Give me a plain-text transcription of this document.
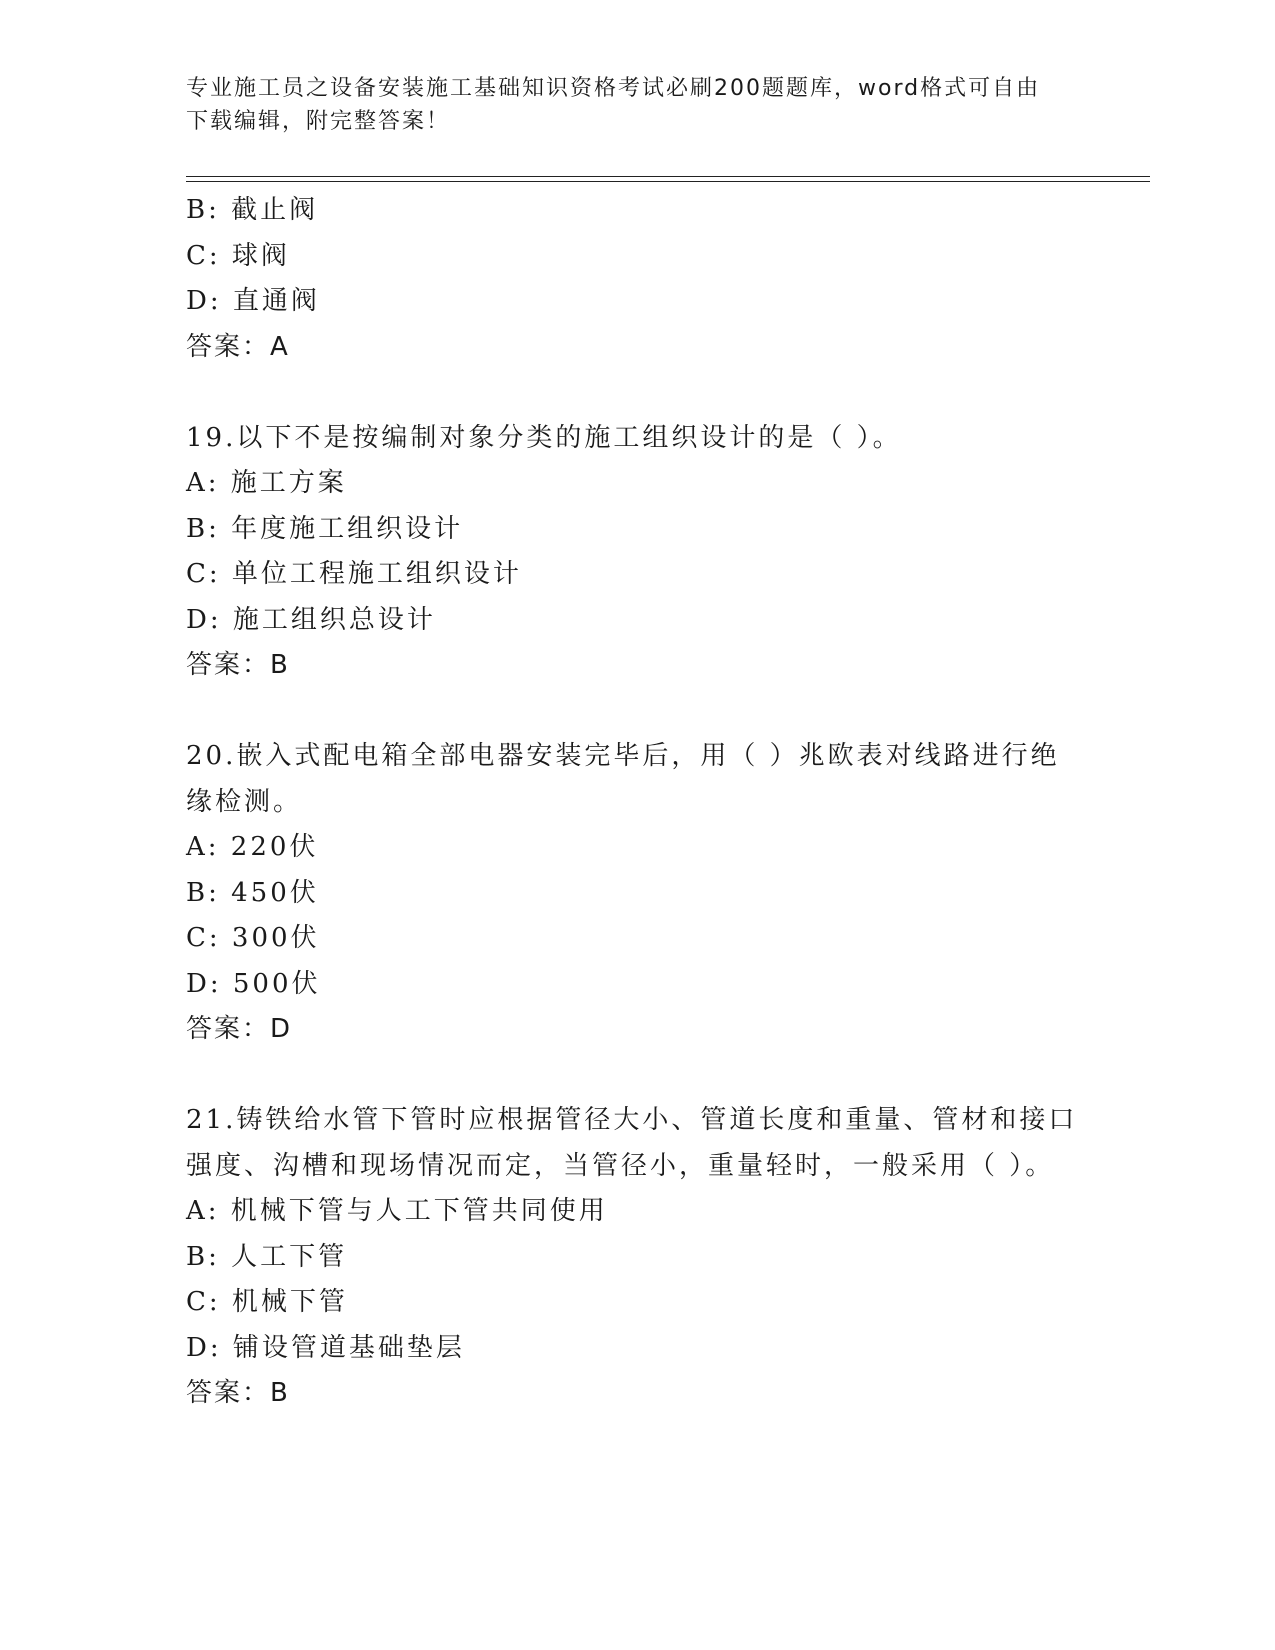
专业施工员之设备安装施工基础知识资格考试必刷200题题库，word格式可自由
下载编辑，附完整答案！
B: 截止阀
C: 球阀
D: 直通阀
答案：A
19.以下不是按编制对象分类的施工组织设计的是（ ）。
A: 施工方案
B: 年度施工组织设计
C: 单位工程施工组织设计
D: 施工组织总设计
答案：B
20.嵌入式配电箱全部电器安装完毕后，用（ ）兆欧表对线路进行绝
缘检测。
A: 220伏
B: 450伏
C: 300伏
D: 500伏
答案：D
21.铸铁给水管下管时应根据管径大小、管道长度和重量、管材和接口
强度、沟槽和现场情况而定，当管径小，重量轻时，一般采用（ ）。
A: 机械下管与人工下管共同使用
B: 人工下管
C: 机械下管
D: 铺设管道基础垫层
答案：B
